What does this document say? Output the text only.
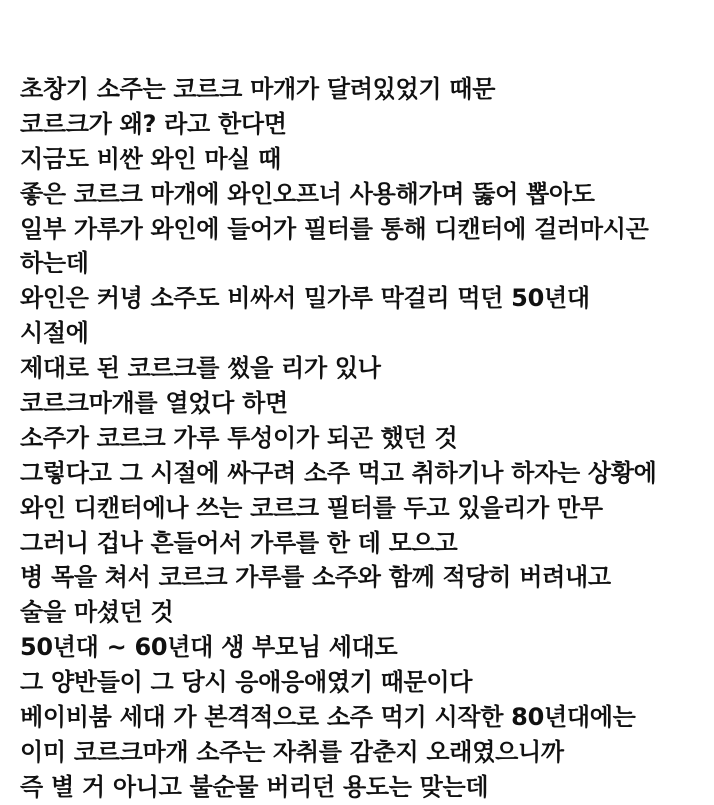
초창기 소주는 코르크 마개가 달려있었기 때문
코르크가 왜? 라고 한다면
지금도 비싼 와인 마실 때
좋은 코르크 마개에 와인오프너 사용해가며 뚫어 뽑아도
일부 가루가 와인에 들어가 필터를 통해 디캔터에 걸러마시곤
하는데
와인은 커녕 소주도 비싸서 밀가루 막걸리 먹던 50년대
시절에
제대로 된 코르크를 썼을 리가 있나
코르크마개를 열었다 하면
소주가 코르크 가루 투성이가 되곤 했던 것
그렇다고 그 시절에 싸구려 소주 먹고 취하기나 하자는 상황에
와인 디캔터에나 쓰는 코르크 필터를 두고 있을리가 만무
그러니 겁나 흔들어서 가루를 한 데 모으고
병 목을 쳐서 코르크 가루를 소주와 함께 적당히 버려내고
술을 마셨던 것
50년대 ~ 60년대 생 부모님 세대도
그 양반들이 그 당시 응애응애였기 때문이다
베이비붐 세대 가 본격적으로 소주 먹기 시작한 80년대에는
이미 코르크마개 소주는 자취를 감춘지 오래였으니까
즉 별 거 아니고 불순물 버리던 용도는 맞는데
